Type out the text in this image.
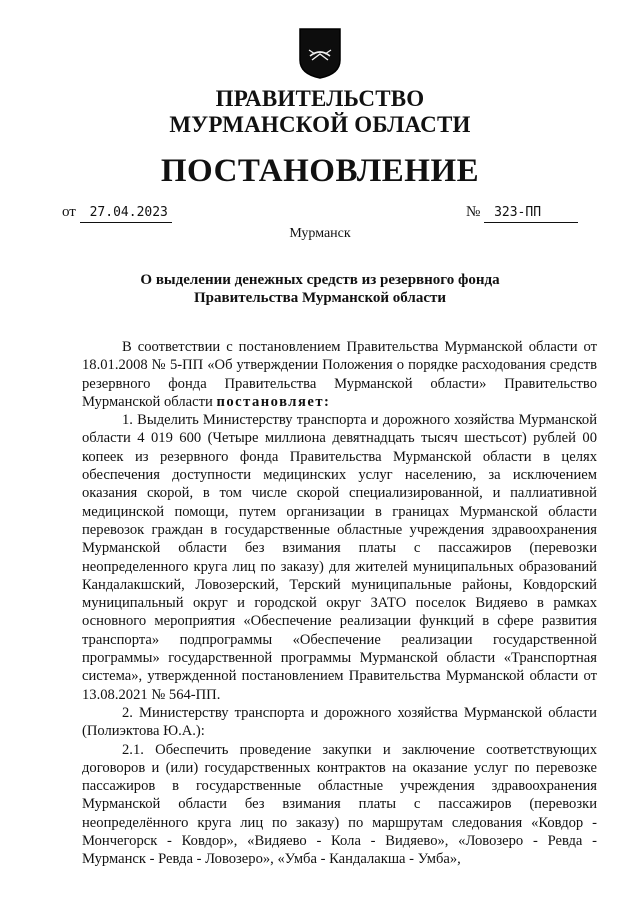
ПРАВИТЕЛЬСТВО
МУРМАНСКОЙ ОБЛАСТИ
ПОСТАНОВЛЕНИЕ
от 27.04.2023	№ 323-ПП
Мурманск
О выделении денежных средств из резервного фонда
Правительства Мурманской области

В соответствии с постановлением Правительства Мурманской области от 18.01.2008 № 5-ПП «Об утверждении Положения о порядке расходования средств резервного фонда Правительства Мурманской области» Правительство Мурманской области постановляет:

1. Выделить Министерству транспорта и дорожного хозяйства Мурманской области 4 019 600 (Четыре миллиона девятнадцать тысяч шестьсот) рублей 00 копеек из резервного фонда Правительства Мурманской области в целях обеспечения доступности медицинских услуг населению, за исключением оказания скорой, в том числе скорой специализированной, и паллиативной медицинской помощи, путем организации в границах Мурманской области перевозок граждан в государственные областные учреждения здравоохранения Мурманской области без взимания платы с пассажиров (перевозки неопределенного круга лиц по заказу) для жителей муниципальных образований Кандалакшский, Ловозерский, Терский муниципальные районы, Ковдорский муниципальный округ и городской округ ЗАТО поселок Видяево в рамках основного мероприятия «Обеспечение реализации функций в сфере развития транспорта» подпрограммы «Обеспечение реализации государственной программы» государственной программы Мурманской области «Транспортная система», утвержденной постановлением Правительства Мурманской области от 13.08.2021 № 564-ПП.

2. Министерству транспорта и дорожного хозяйства Мурманской области (Полиэктова Ю.А.):

2.1. Обеспечить проведение закупки и заключение соответствующих договоров и (или) государственных контрактов на оказание услуг по перевозке пассажиров в государственные областные учреждения здравоохранения Мурманской области без взимания платы с пассажиров (перевозки неопределённого круга лиц по заказу) по маршрутам следования «Ковдор - Мончегорск - Ковдор», «Видяево - Кола - Видяево», «Ловозеро - Ревда - Мурманск - Ревда - Ловозеро», «Умба - Кандалакша - Умба»,
